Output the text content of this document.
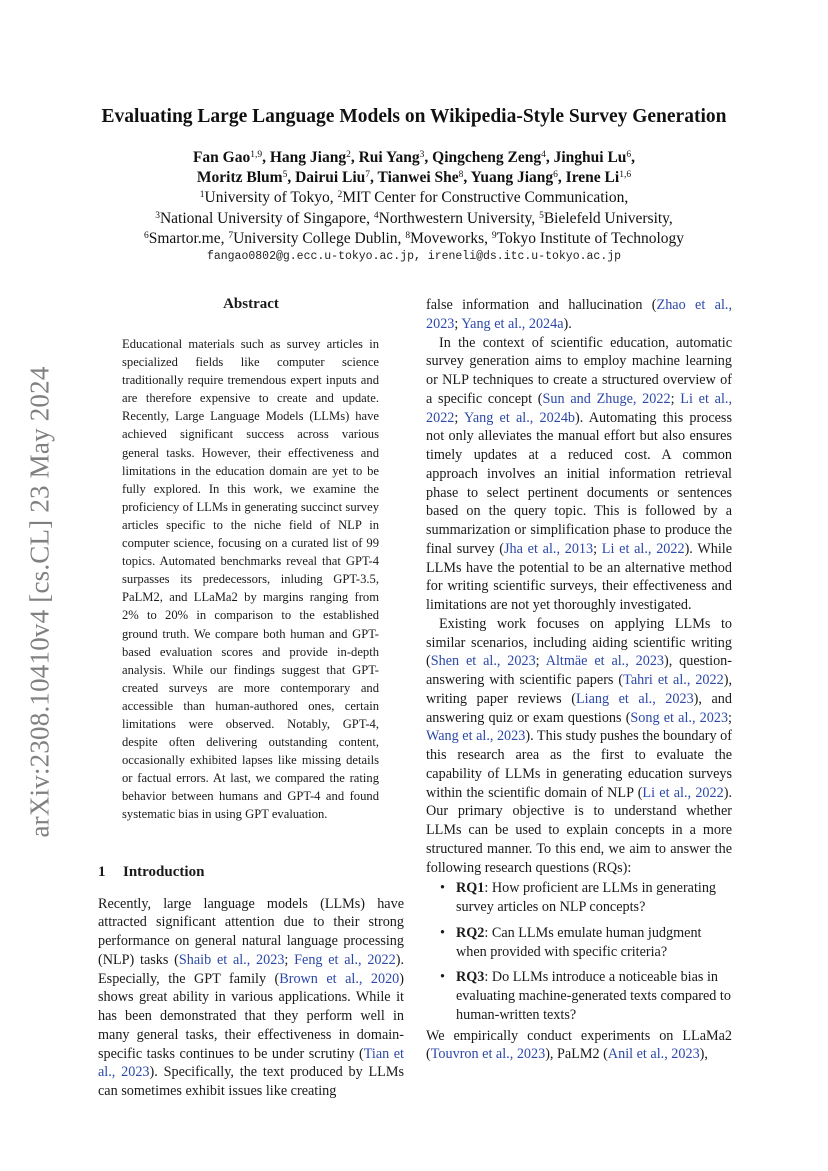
arXiv:2308.10410v4 [cs.CL] 23 May 2024
Evaluating Large Language Models on Wikipedia-Style Survey Generation
Fan Gao$^{1,9}$, Hang Jiang$^2$, Rui Yang$^3$, Qingcheng Zeng$^4$, Jinghui Lu$^6$,
Moritz Blum$^5$, Dairui Liu$^7$, Tianwei She$^8$, Yuang Jiang$^6$, Irene Li$^{1,6}$
$^1$University of Tokyo, $^2$MIT Center for Constructive Communication,
$^3$National University of Singapore, $^4$Northwestern University, $^5$Bielefeld University,
$^6$Smartor.me, $^7$University College Dublin, $^8$Moveworks, $^9$Tokyo Institute of Technology
fangao0802@g.ecc.u-tokyo.ac.jp, ireneli@ds.itc.u-tokyo.ac.jp
Abstract

Educational materials such as survey articles in specialized fields like computer science traditionally require tremendous expert inputs and are therefore expensive to create and update. Recently, Large Language Models (LLMs) have achieved significant success across various general tasks. However, their effectiveness and limitations in the education domain are yet to be fully explored. In this work, we examine the proficiency of LLMs in generating succinct survey articles specific to the niche field of NLP in computer science, focusing on a curated list of 99 topics. Automated benchmarks reveal that GPT-4 surpasses its predecessors, inluding GPT-3.5, PaLM2, and LLaMa2 by margins ranging from 2% to 20% in comparison to the established ground truth. We compare both human and GPT-based evaluation scores and provide in-depth analysis. While our findings suggest that GPT-created surveys are more contemporary and accessible than human-authored ones, certain limitations were observed. Notably, GPT-4, despite often delivering outstanding content, occasionally exhibited lapses like missing details or factual errors. At last, we compared the rating behavior between humans and GPT-4 and found systematic bias in using GPT evaluation.

1 Introduction

Recently, large language models (LLMs) have attracted significant attention due to their strong performance on general natural language processing (NLP) tasks (Shaib et al., 2023; Feng et al., 2022). Especially, the GPT family (Brown et al., 2020) shows great ability in various applications. While it has been demonstrated that they perform well in many general tasks, their effectiveness in domain-specific tasks continues to be under scrutiny (Tian et al., 2023). Specifically, the text produced by LLMs can sometimes exhibit issues like creating

false information and hallucination (Zhao et al., 2023; Yang et al., 2024a).

In the context of scientific education, automatic survey generation aims to employ machine learning or NLP techniques to create a structured overview of a specific concept (Sun and Zhuge, 2022; Li et al., 2022; Yang et al., 2024b). Automating this process not only alleviates the manual effort but also ensures timely updates at a reduced cost. A common approach involves an initial information retrieval phase to select pertinent documents or sentences based on the query topic. This is followed by a summarization or simplification phase to produce the final survey (Jha et al., 2013; Li et al., 2022). While LLMs have the potential to be an alternative method for writing scientific surveys, their effectiveness and limitations are not yet thoroughly investigated.

Existing work focuses on applying LLMs to similar scenarios, including aiding scientific writing (Shen et al., 2023; Altmäe et al., 2023), question-answering with scientific papers (Tahri et al., 2022), writing paper reviews (Liang et al., 2023), and answering quiz or exam questions (Song et al., 2023; Wang et al., 2023). This study pushes the boundary of this research area as the first to evaluate the capability of LLMs in generating education surveys within the scientific domain of NLP (Li et al., 2022). Our primary objective is to understand whether LLMs can be used to explain concepts in a more structured manner. To this end, we aim to answer the following research questions (RQs):

• RQ1: How proficient are LLMs in generating survey articles on NLP concepts?
• RQ2: Can LLMs emulate human judgment when provided with specific criteria?
• RQ3: Do LLMs introduce a noticeable bias in evaluating machine-generated texts compared to human-written texts?

We empirically conduct experiments on LLaMa2 (Touvron et al., 2023), PaLM2 (Anil et al., 2023),
